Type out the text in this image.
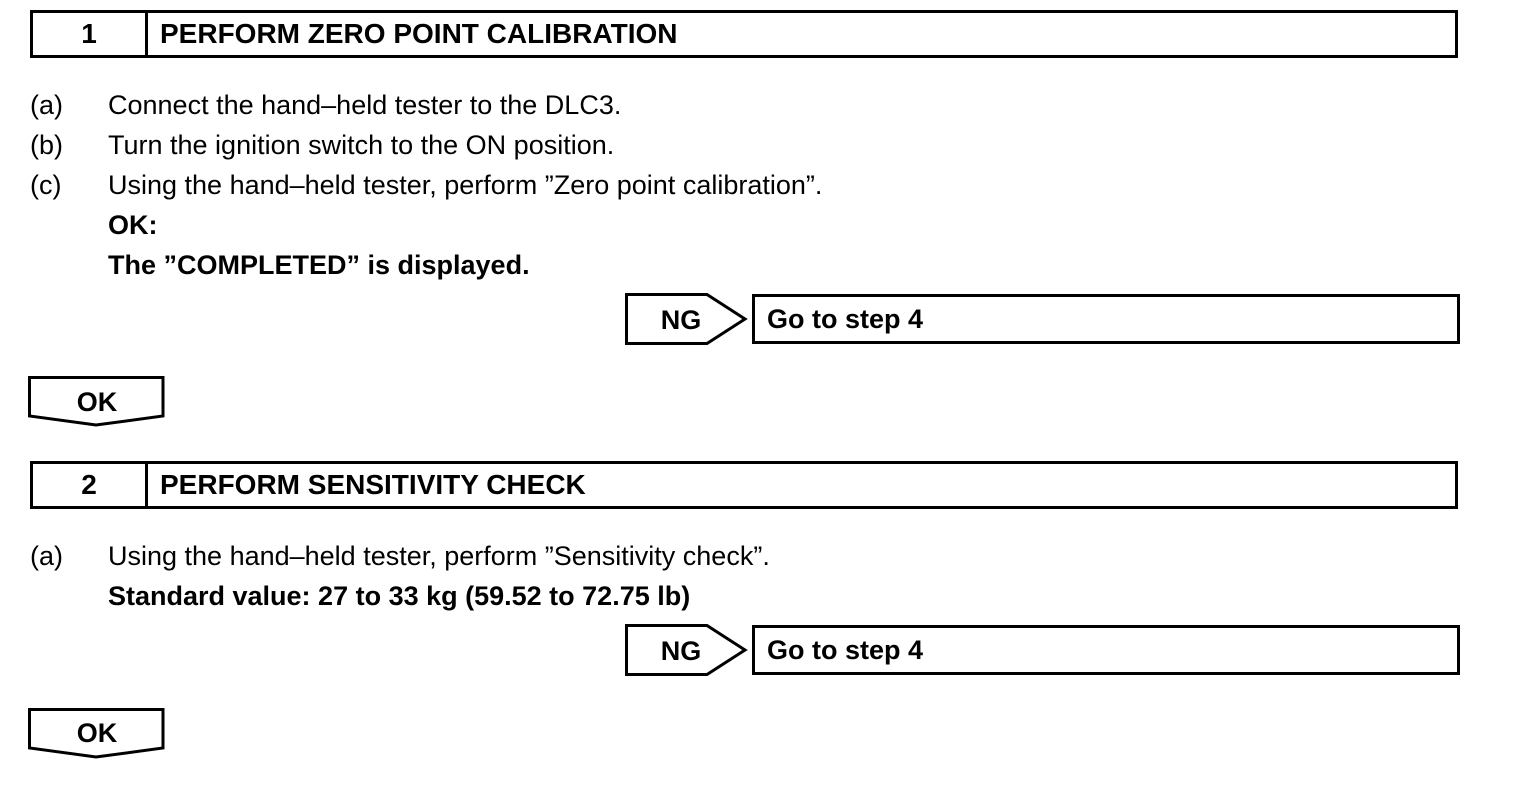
1	PERFORM ZERO POINT CALIBRATION
(a) Connect the hand–held tester to the DLC3.
(b) Turn the ignition switch to the ON position.
(c) Using the hand–held tester, perform ”Zero point calibration”.
OK:
The ”COMPLETED” is displayed.
NG Go to step 4
OK
2	PERFORM SENSITIVITY CHECK
(a) Using the hand–held tester, perform ”Sensitivity check”.
Standard value: 27 to 33 kg (59.52 to 72.75 lb)
NG Go to step 4
OK
